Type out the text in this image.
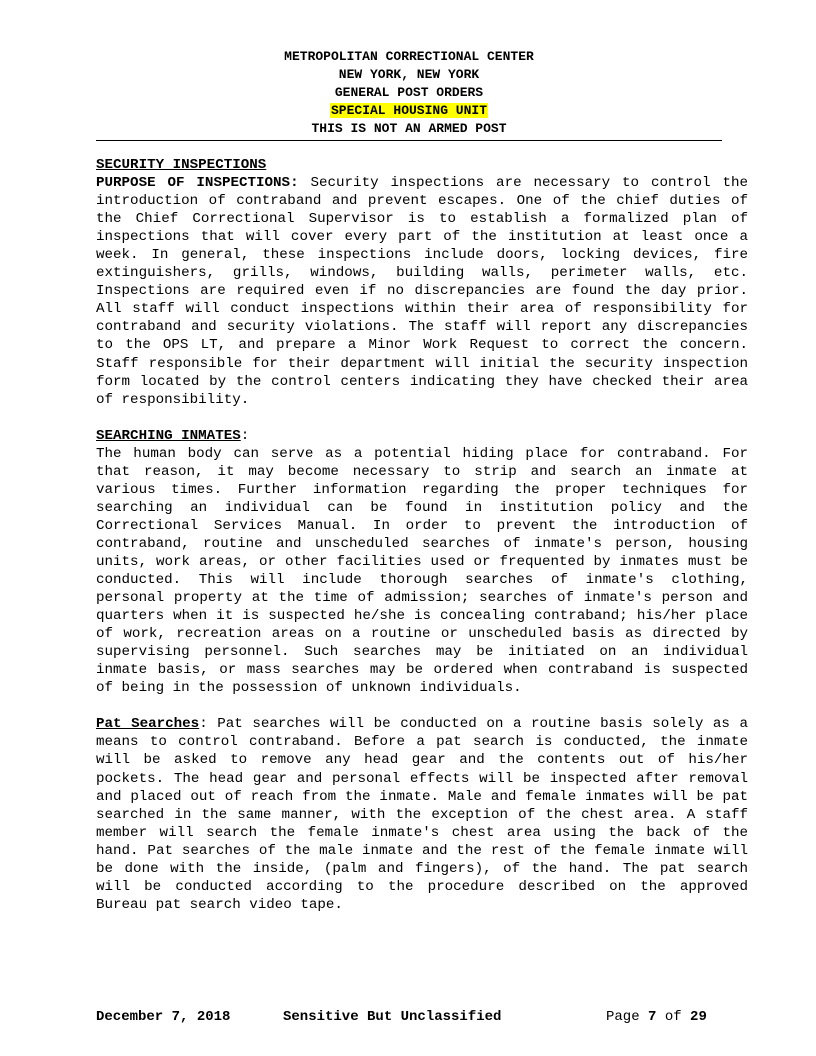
METROPOLITAN CORRECTIONAL CENTER
NEW YORK, NEW YORK
GENERAL POST ORDERS
SPECIAL HOUSING UNIT
THIS IS NOT AN ARMED POST

SECURITY INSPECTIONS
PURPOSE OF INSPECTIONS: Security inspections are necessary to control the introduction of contraband and prevent escapes. One of the chief duties of the Chief Correctional Supervisor is to establish a formalized plan of inspections that will cover every part of the institution at least once a week. In general, these inspections include doors, locking devices, fire extinguishers, grills, windows, building walls, perimeter walls, etc. Inspections are required even if no discrepancies are found the day prior. All staff will conduct inspections within their area of responsibility for contraband and security violations. The staff will report any discrepancies to the OPS LT, and prepare a Minor Work Request to correct the concern. Staff responsible for their department will initial the security inspection form located by the control centers indicating they have checked their area of responsibility.

SEARCHING INMATES:
The human body can serve as a potential hiding place for contraband. For that reason, it may become necessary to strip and search an inmate at various times. Further information regarding the proper techniques for searching an individual can be found in institution policy and the Correctional Services Manual. In order to prevent the introduction of contraband, routine and unscheduled searches of inmate's person, housing units, work areas, or other facilities used or frequented by inmates must be conducted. This will include thorough searches of inmate's clothing, personal property at the time of admission; searches of inmate's person and quarters when it is suspected he/she is concealing contraband; his/her place of work, recreation areas on a routine or unscheduled basis as directed by supervising personnel. Such searches may be initiated on an individual inmate basis, or mass searches may be ordered when contraband is suspected of being in the possession of unknown individuals.

Pat Searches: Pat searches will be conducted on a routine basis solely as a means to control contraband. Before a pat search is conducted, the inmate will be asked to remove any head gear and the contents out of his/her pockets. The head gear and personal effects will be inspected after removal and placed out of reach from the inmate. Male and female inmates will be pat searched in the same manner, with the exception of the chest area. A staff member will search the female inmate's chest area using the back of the hand. Pat searches of the male inmate and the rest of the female inmate will be done with the inside, (palm and fingers), of the hand. The pat search will be conducted according to the procedure described on the approved Bureau pat search video tape.

December 7, 2018	Sensitive But Unclassified	Page 7 of 29
